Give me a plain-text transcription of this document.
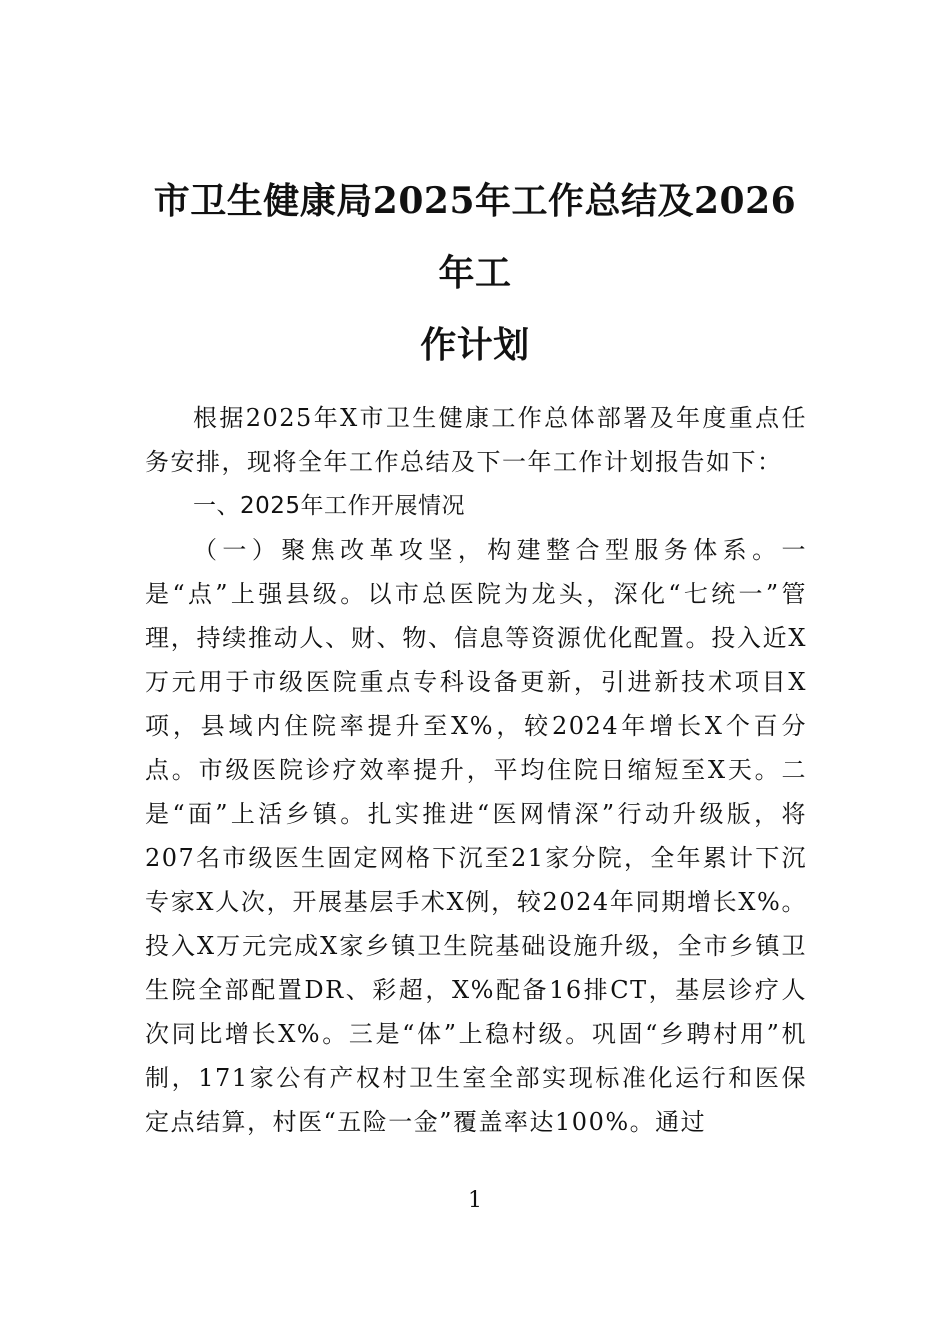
市卫生健康局2025年工作总结及2026年工
作计划

根据2025年X市卫生健康工作总体部署及年度重点任务安排，现将全年工作总结及下一年工作计划报告如下：

一、2025年工作开展情况

（一）聚焦改革攻坚，构建整合型服务体系。一是“点”上强县级。以市总医院为龙头，深化“七统一”管理，持续推动人、财、物、信息等资源优化配置。投入近X万元用于市级医院重点专科设备更新，引进新技术项目X项，县域内住院率提升至X%，较2024年增长X个百分点。市级医院诊疗效率提升，平均住院日缩短至X天。二是“面”上活乡镇。扎实推进“医网情深”行动升级版，将207名市级医生固定网格下沉至21家分院，全年累计下沉专家X人次，开展基层手术X例，较2024年同期增长X%。投入X万元完成X家乡镇卫生院基础设施升级，全市乡镇卫生院全部配置DR、彩超，X%配备16排CT，基层诊疗人次同比增长X%。三是“体”上稳村级。巩固“乡聘村用”机制，171家公有产权村卫生室全部实现标准化运行和医保定点结算，村医“五险一金”覆盖率达100%。通过

1
